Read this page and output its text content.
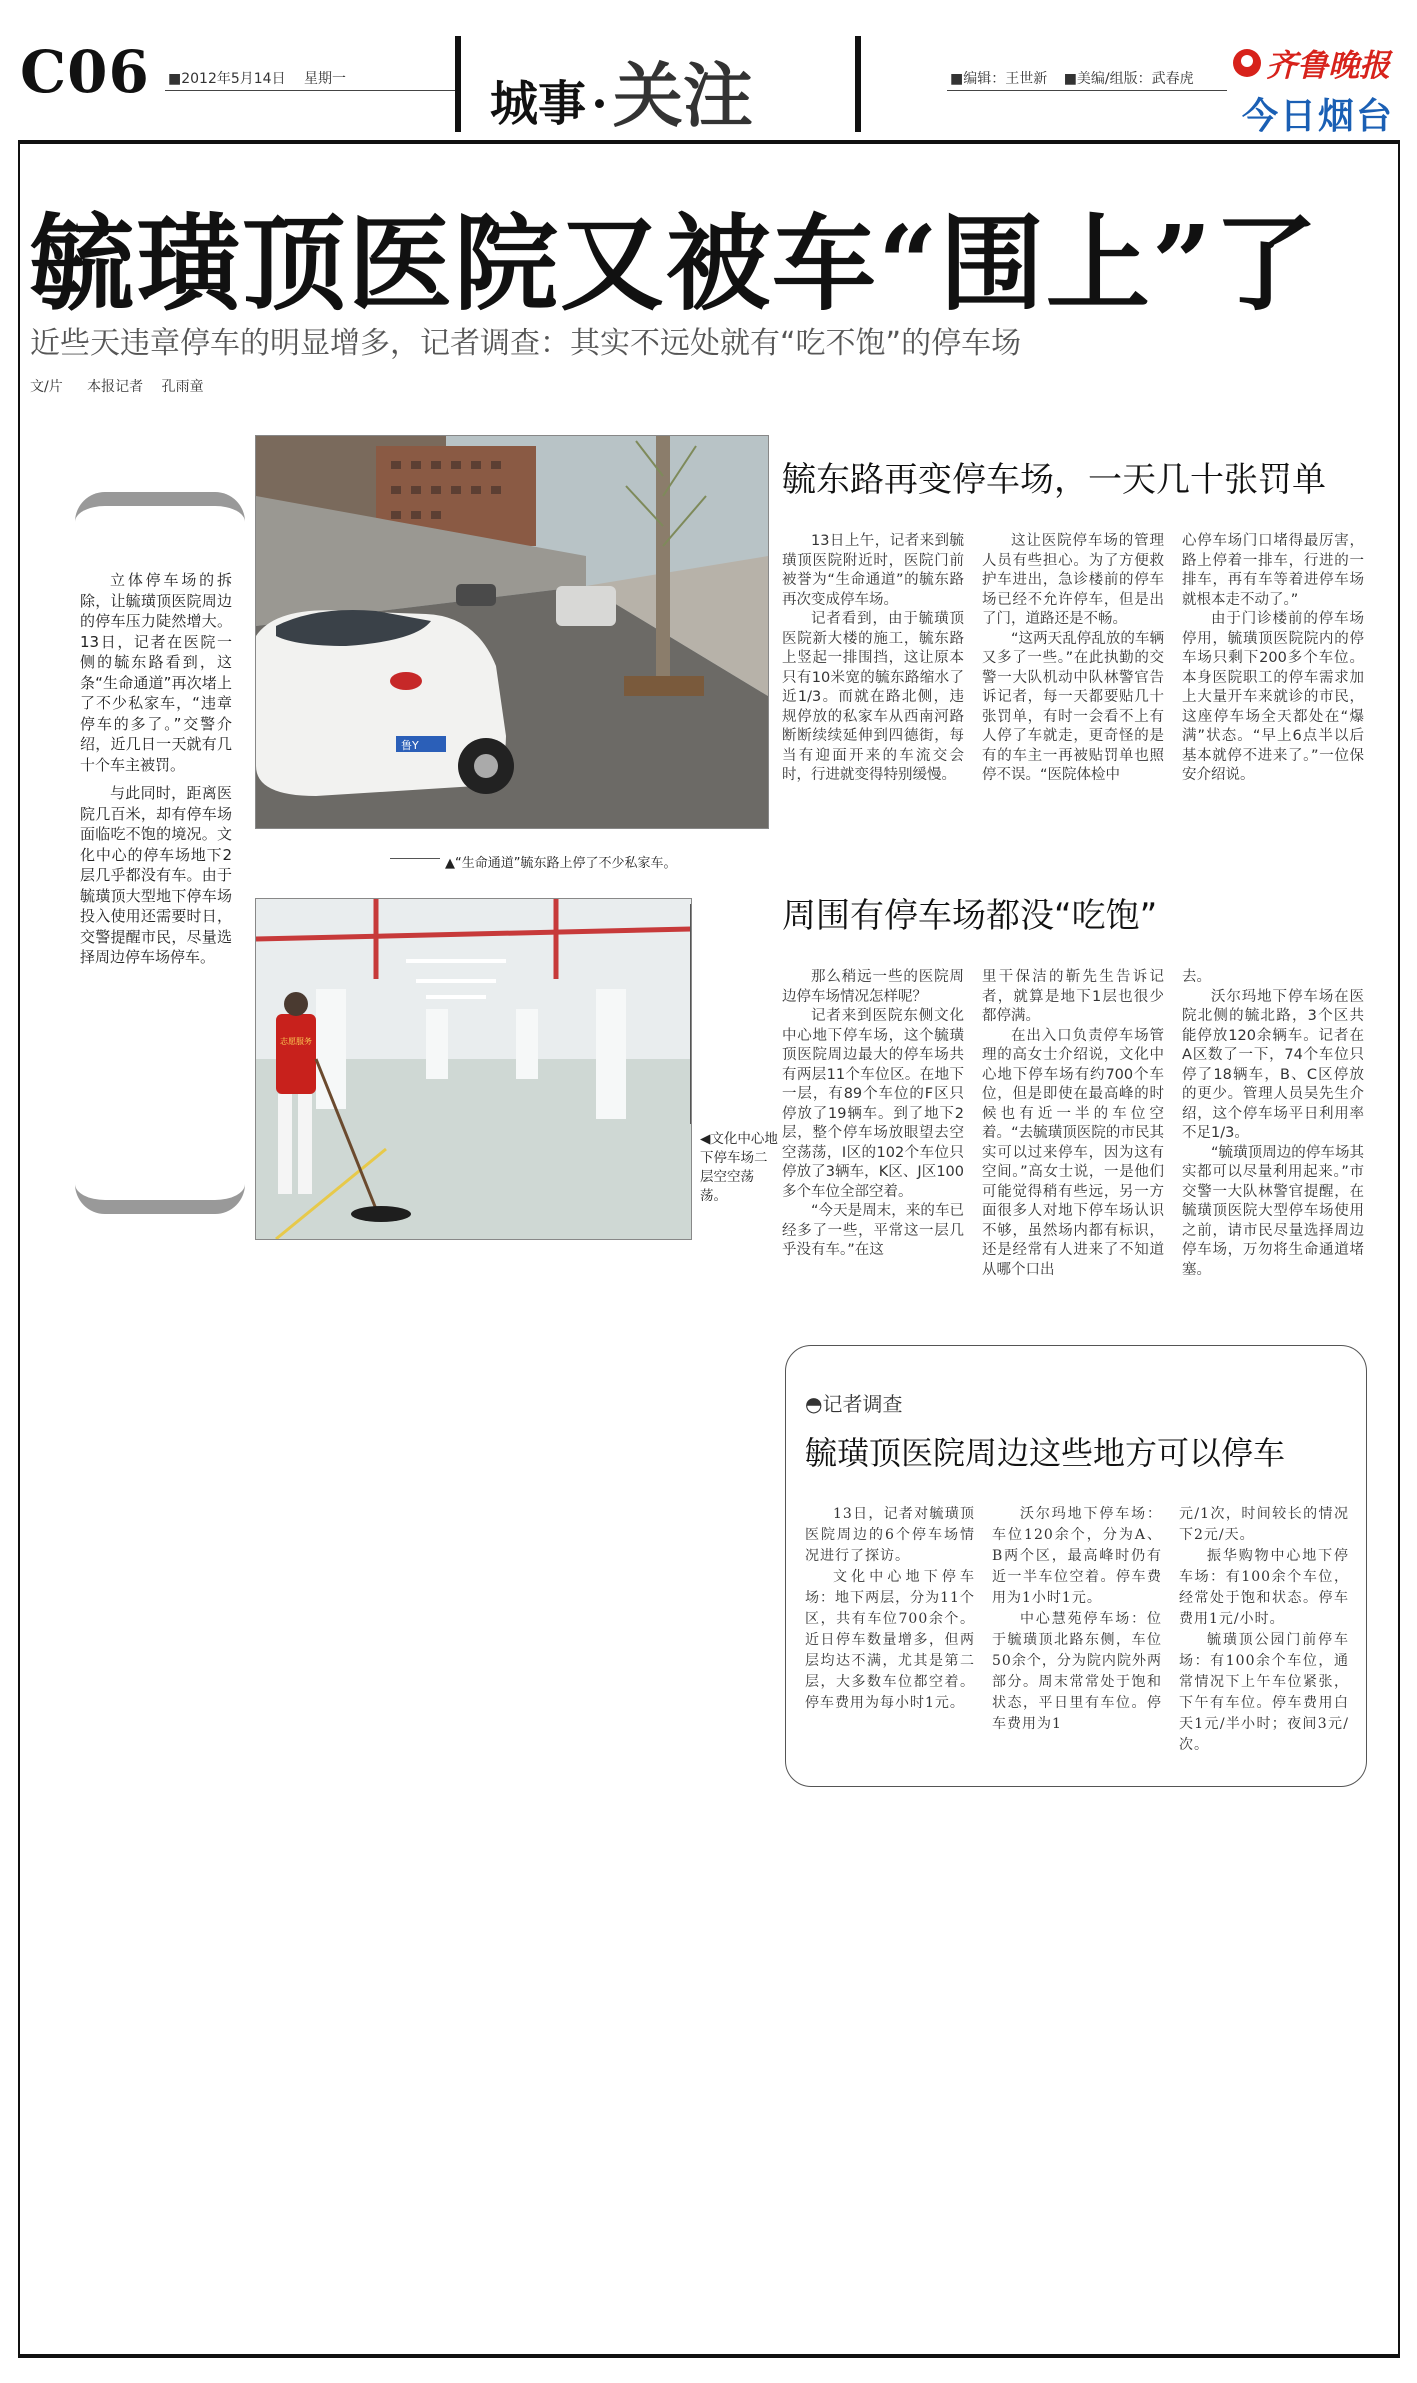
C06 ■2012年5月14日 星期一	城事 · 关注	■编辑：王世新 ■美编/组版：武春虎	齐鲁晚报
今日烟台
毓璜顶医院又被车“围上”了
近些天违章停车的明显增多，记者调查：其实不远处就有“吃不饱”的停车场
文/片 本报记者 孔雨童

立体停车场的拆除，让毓璜顶医院周边的停车压力陡然增大。13日，记者在医院一侧的毓东路看到，这条“生命通道”再次堵上了不少私家车，“违章停车的多了。”交警介绍，近几日一天就有几十个车主被罚。

与此同时，距离医院几百米，却有停车场面临吃不饱的境况。文化中心的停车场地下2层几乎都没有车。由于毓璜顶大型地下停车场投入使用还需要时日，交警提醒市民，尽量选择周边停车场停车。

鲁Y
▲“生命通道”毓东路上停了不少私家车。
志愿服务
◀文化中心地下停车场二层空空荡荡。
毓东路再变停车场，一天几十张罚单

13日上午，记者来到毓璜顶医院附近时，医院门前被誉为“生命通道”的毓东路再次变成停车场。

记者看到，由于毓璜顶医院新大楼的施工，毓东路上竖起一排围挡，这让原本只有10米宽的毓东路缩水了近1/3。而就在路北侧，违规停放的私家车从西南河路断断续续延伸到四德街，每当有迎面开来的车流交会时，行进就变得特别缓慢。

这让医院停车场的管理人员有些担心。为了方便救护车进出，急诊楼前的停车场已经不允许停车，但是出了门，道路还是不畅。

“这两天乱停乱放的车辆又多了一些。”在此执勤的交警一大队机动中队林警官告诉记者，每一天都要贴几十张罚单，有时一会看不上有人停了车就走，更奇怪的是有的车主一再被贴罚单也照停不误。“医院体检中

心停车场门口堵得最厉害，路上停着一排车，行进的一排车，再有车等着进停车场就根本走不动了。”

由于门诊楼前的停车场停用，毓璜顶医院院内的停车场只剩下200多个车位。本身医院职工的停车需求加上大量开车来就诊的市民，这座停车场全天都处在“爆满”状态。“早上6点半以后基本就停不进来了。”一位保安介绍说。

周围有停车场都没“吃饱”

那么稍远一些的医院周边停车场情况怎样呢？

记者来到医院东侧文化中心地下停车场，这个毓璜顶医院周边最大的停车场共有两层11个车位区。在地下一层，有89个车位的F区只停放了19辆车。到了地下2层，整个停车场放眼望去空空荡荡，I区的102个车位只停放了3辆车，K区、J区100多个车位全部空着。

“今天是周末，来的车已经多了一些，平常这一层几乎没有车。”在这

里干保洁的靳先生告诉记者，就算是地下1层也很少都停满。

在出入口负责停车场管理的高女士介绍说，文化中心地下停车场有约700个车位，但是即使在最高峰的时候也有近一半的车位空着。“去毓璜顶医院的市民其实可以过来停车，因为这有空间。”高女士说，一是他们可能觉得稍有些远，另一方面很多人对地下停车场认识不够，虽然场内都有标识，还是经常有人进来了不知道从哪个口出

去。

沃尔玛地下停车场在医院北侧的毓北路，3个区共能停放120余辆车。记者在A区数了一下，74个车位只停了18辆车，B、C区停放的更少。管理人员吴先生介绍，这个停车场平日利用率不足1/3。

“毓璜顶周边的停车场其实都可以尽量利用起来。”市交警一大队林警官提醒，在毓璜顶医院大型停车场使用之前，请市民尽量选择周边停车场，万勿将生命通道堵塞。

◓记者调查
毓璜顶医院周边这些地方可以停车

13日，记者对毓璜顶医院周边的6个停车场情况进行了探访。

文化中心地下停车场：地下两层，分为11个区，共有车位700余个。近日停车数量增多，但两层均达不满，尤其是第二层，大多数车位都空着。停车费用为每小时1元。

沃尔玛地下停车场：车位120余个，分为A、B两个区，最高峰时仍有近一半车位空着。停车费用为1小时1元。

中心慧苑停车场：位于毓璜顶北路东侧，车位50余个，分为院内院外两部分。周末常常处于饱和状态，平日里有车位。停车费用为1

元/1次，时间较长的情况下2元/天。

振华购物中心地下停车场：有100余个车位，经常处于饱和状态。停车费用1元/小时。

毓璜顶公园门前停车场：有100余个车位，通常情况下上午车位紧张，下午有车位。停车费用白天1元/半小时；夜间3元/次。
